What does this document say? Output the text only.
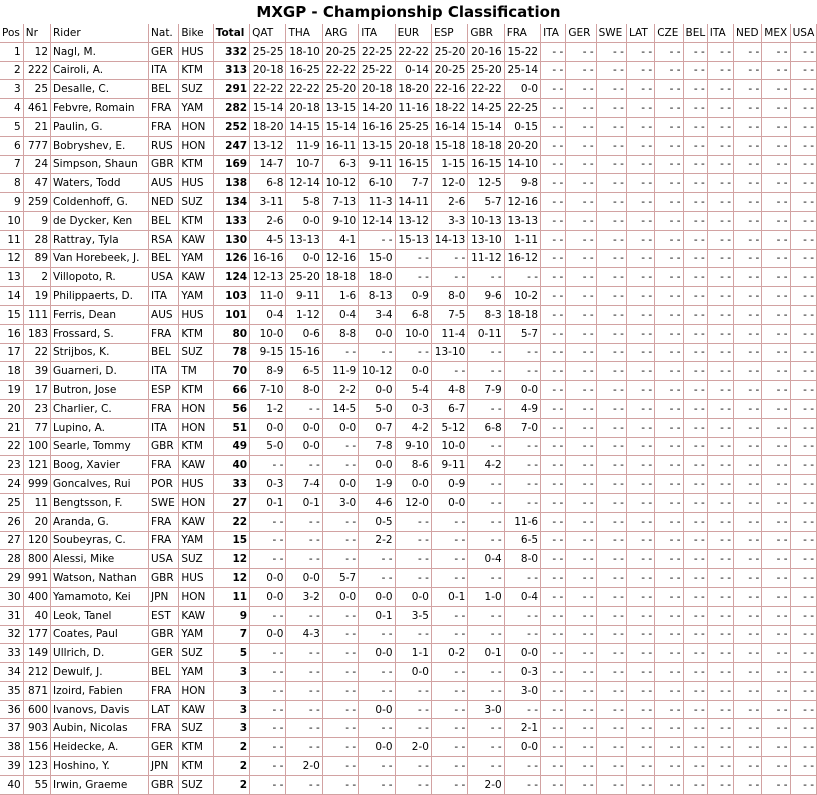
MXGP - Championship Classification
Pos	Nr	Rider	Nat.	Bike	Total	QAT	THA	ARG	ITA	EUR	ESP	GBR	FRA	ITA	GER	SWE	LAT	CZE	BEL	ITA	NED	MEX	USA
1	12	Nagl, M.	GER	HUS	332	25-25	18-10	20-25	22-25	22-22	25-20	20-16	15-22	- -	- -	- -	- -	- -	- -	- -	- -	- -	- -
2	222	Cairoli, A.	ITA	KTM	313	20-18	16-25	22-22	25-22	0-14	20-25	25-20	25-14	- -	- -	- -	- -	- -	- -	- -	- -	- -	- -
3	25	Desalle, C.	BEL	SUZ	291	22-22	22-22	25-20	20-18	18-20	22-16	22-22	0-0	- -	- -	- -	- -	- -	- -	- -	- -	- -	- -
4	461	Febvre, Romain	FRA	YAM	282	15-14	20-18	13-15	14-20	11-16	18-22	14-25	22-25	- -	- -	- -	- -	- -	- -	- -	- -	- -	- -
5	21	Paulin, G.	FRA	HON	252	18-20	14-15	15-14	16-16	25-25	16-14	15-14	0-15	- -	- -	- -	- -	- -	- -	- -	- -	- -	- -
6	777	Bobryshev, E.	RUS	HON	247	13-12	11-9	16-11	13-15	20-18	15-18	18-18	20-20	- -	- -	- -	- -	- -	- -	- -	- -	- -	- -
7	24	Simpson, Shaun	GBR	KTM	169	14-7	10-7	6-3	9-11	16-15	1-15	16-15	14-10	- -	- -	- -	- -	- -	- -	- -	- -	- -	- -
8	47	Waters, Todd	AUS	HUS	138	6-8	12-14	10-12	6-10	7-7	12-0	12-5	9-8	- -	- -	- -	- -	- -	- -	- -	- -	- -	- -
9	259	Coldenhoff, G.	NED	SUZ	134	3-11	5-8	7-13	11-3	14-11	2-6	5-7	12-16	- -	- -	- -	- -	- -	- -	- -	- -	- -	- -
10	9	de Dycker, Ken	BEL	KTM	133	2-6	0-0	9-10	12-14	13-12	3-3	10-13	13-13	- -	- -	- -	- -	- -	- -	- -	- -	- -	- -
11	28	Rattray, Tyla	RSA	KAW	130	4-5	13-13	4-1	- -	15-13	14-13	13-10	1-11	- -	- -	- -	- -	- -	- -	- -	- -	- -	- -
12	89	Van Horebeek, J.	BEL	YAM	126	16-16	0-0	12-16	15-0	- -	- -	11-12	16-12	- -	- -	- -	- -	- -	- -	- -	- -	- -	- -
13	2	Villopoto, R.	USA	KAW	124	12-13	25-20	18-18	18-0	- -	- -	- -	- -	- -	- -	- -	- -	- -	- -	- -	- -	- -	- -
14	19	Philippaerts, D.	ITA	YAM	103	11-0	9-11	1-6	8-13	0-9	8-0	9-6	10-2	- -	- -	- -	- -	- -	- -	- -	- -	- -	- -
15	111	Ferris, Dean	AUS	HUS	101	0-4	1-12	0-4	3-4	6-8	7-5	8-3	18-18	- -	- -	- -	- -	- -	- -	- -	- -	- -	- -
16	183	Frossard, S.	FRA	KTM	80	10-0	0-6	8-8	0-0	10-0	11-4	0-11	5-7	- -	- -	- -	- -	- -	- -	- -	- -	- -	- -
17	22	Strijbos, K.	BEL	SUZ	78	9-15	15-16	- -	- -	- -	13-10	- -	- -	- -	- -	- -	- -	- -	- -	- -	- -	- -	- -
18	39	Guarneri, D.	ITA	TM	70	8-9	6-5	11-9	10-12	0-0	- -	- -	- -	- -	- -	- -	- -	- -	- -	- -	- -	- -	- -
19	17	Butron, Jose	ESP	KTM	66	7-10	8-0	2-2	0-0	5-4	4-8	7-9	0-0	- -	- -	- -	- -	- -	- -	- -	- -	- -	- -
20	23	Charlier, C.	FRA	HON	56	1-2	- -	14-5	5-0	0-3	6-7	- -	4-9	- -	- -	- -	- -	- -	- -	- -	- -	- -	- -
21	77	Lupino, A.	ITA	HON	51	0-0	0-0	0-0	0-7	4-2	5-12	6-8	7-0	- -	- -	- -	- -	- -	- -	- -	- -	- -	- -
22	100	Searle, Tommy	GBR	KTM	49	5-0	0-0	- -	7-8	9-10	10-0	- -	- -	- -	- -	- -	- -	- -	- -	- -	- -	- -	- -
23	121	Boog, Xavier	FRA	KAW	40	- -	- -	- -	0-0	8-6	9-11	4-2	- -	- -	- -	- -	- -	- -	- -	- -	- -	- -	- -
24	999	Goncalves, Rui	POR	HUS	33	0-3	7-4	0-0	1-9	0-0	0-9	- -	- -	- -	- -	- -	- -	- -	- -	- -	- -	- -	- -
25	11	Bengtsson, F.	SWE	HON	27	0-1	0-1	3-0	4-6	12-0	0-0	- -	- -	- -	- -	- -	- -	- -	- -	- -	- -	- -	- -
26	20	Aranda, G.	FRA	KAW	22	- -	- -	- -	0-5	- -	- -	- -	11-6	- -	- -	- -	- -	- -	- -	- -	- -	- -	- -
27	120	Soubeyras, C.	FRA	YAM	15	- -	- -	- -	2-2	- -	- -	- -	6-5	- -	- -	- -	- -	- -	- -	- -	- -	- -	- -
28	800	Alessi, Mike	USA	SUZ	12	- -	- -	- -	- -	- -	- -	0-4	8-0	- -	- -	- -	- -	- -	- -	- -	- -	- -	- -
29	991	Watson, Nathan	GBR	HUS	12	0-0	0-0	5-7	- -	- -	- -	- -	- -	- -	- -	- -	- -	- -	- -	- -	- -	- -	- -
30	400	Yamamoto, Kei	JPN	HON	11	0-0	3-2	0-0	0-0	0-0	0-1	1-0	0-4	- -	- -	- -	- -	- -	- -	- -	- -	- -	- -
31	40	Leok, Tanel	EST	KAW	9	- -	- -	- -	0-1	3-5	- -	- -	- -	- -	- -	- -	- -	- -	- -	- -	- -	- -	- -
32	177	Coates, Paul	GBR	YAM	7	0-0	4-3	- -	- -	- -	- -	- -	- -	- -	- -	- -	- -	- -	- -	- -	- -	- -	- -
33	149	Ullrich, D.	GER	SUZ	5	- -	- -	- -	0-0	1-1	0-2	0-1	0-0	- -	- -	- -	- -	- -	- -	- -	- -	- -	- -
34	212	Dewulf, J.	BEL	YAM	3	- -	- -	- -	- -	0-0	- -	- -	0-3	- -	- -	- -	- -	- -	- -	- -	- -	- -	- -
35	871	Izoird, Fabien	FRA	HON	3	- -	- -	- -	- -	- -	- -	- -	3-0	- -	- -	- -	- -	- -	- -	- -	- -	- -	- -
36	600	Ivanovs, Davis	LAT	KAW	3	- -	- -	- -	0-0	- -	- -	3-0	- -	- -	- -	- -	- -	- -	- -	- -	- -	- -	- -
37	903	Aubin, Nicolas	FRA	SUZ	3	- -	- -	- -	- -	- -	- -	- -	2-1	- -	- -	- -	- -	- -	- -	- -	- -	- -	- -
38	156	Heidecke, A.	GER	KTM	2	- -	- -	- -	0-0	2-0	- -	- -	0-0	- -	- -	- -	- -	- -	- -	- -	- -	- -	- -
39	123	Hoshino, Y.	JPN	KTM	2	- -	2-0	- -	- -	- -	- -	- -	- -	- -	- -	- -	- -	- -	- -	- -	- -	- -	- -
40	55	Irwin, Graeme	GBR	SUZ	2	- -	- -	- -	- -	- -	- -	2-0	- -	- -	- -	- -	- -	- -	- -	- -	- -	- -	- -
